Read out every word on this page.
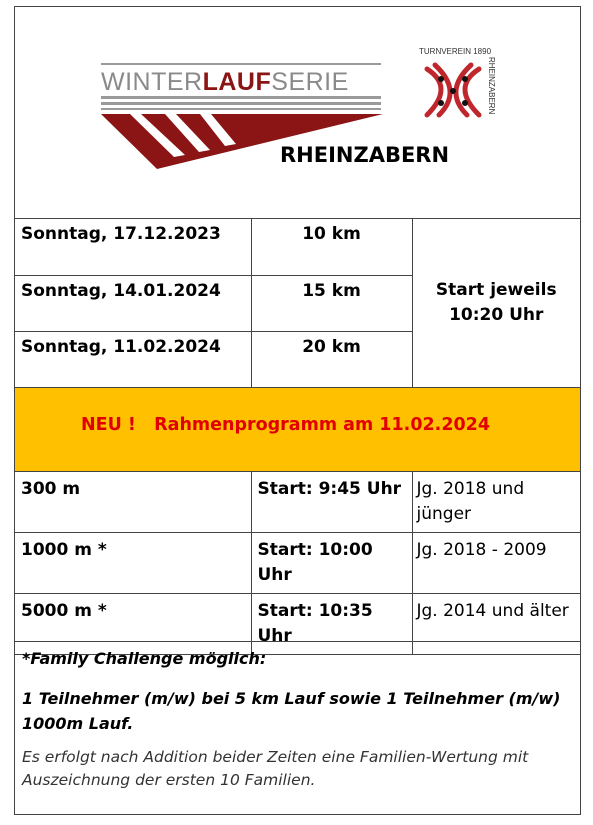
WINTERLAUFSERIE
RHEINZABERN
TURNVEREIN 1890
RHEINZABERN
Sonntag, 17.12.2023	10 km	Start jeweils
10:20 Uhr

Sonntag, 14.01.2024	15 km	
Sonntag, 11.02.2024	20 km	
NEU !   Rahmenprogramm am 11.02.2024
300 m	Start: 9:45 Uhr	Jg. 2018 und jünger
1000 m *	Start: 10:00 Uhr	Jg. 2018 - 2009
5000 m *	Start: 10:35 Uhr	Jg. 2014 und älter
*Family Challenge möglich:
1 Teilnehmer (m/w) bei 5 km Lauf sowie 1 Teilnehmer (m/w) 1000m Lauf.
Es erfolgt nach Addition beider Zeiten eine Familien-Wertung mit Auszeichnung der ersten 10 Familien.
